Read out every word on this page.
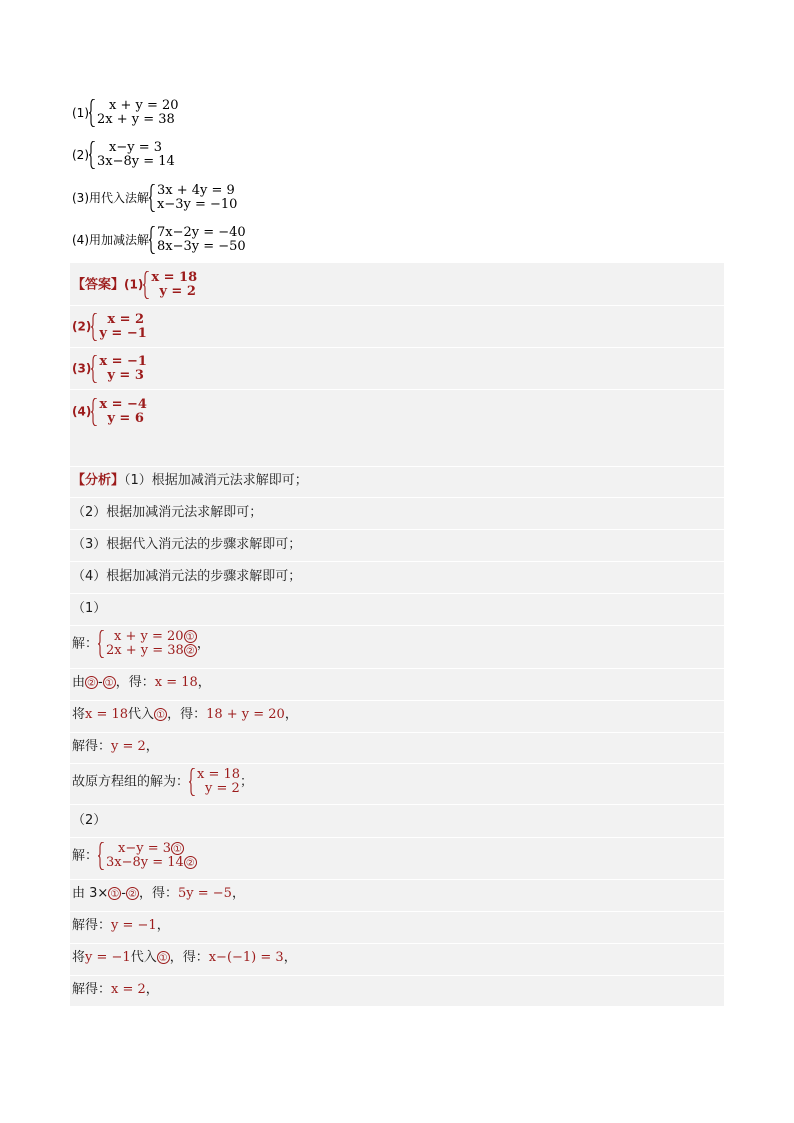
(1)	x + y = 20
2x + y = 38
(2)	x−y = 3
3x−8y = 14
(3)用代入法解 3x + 4y = 9
x−3y = −10
(4)用加减法解 7x−2y = −40
8x−3y = −50
【答案】(1) x = 18
y = 2
(2)	x = 2
y = −1
(3) x = −1
y = 3
(4) x = −4
y = 6
【分析】（1）根据加减消元法求解即可；
（2）根据加减消元法求解即可；
（3）根据代入消元法的步骤求解即可；
（4）根据加减消元法的步骤求解即可；
（1）
解：	x + y = 20 ①
2x + y = 38 ② ，
由 ② - ① ，得：x = 18，
将x = 18代入 ① ，得：18 + y = 20，
解得：y = 2，
故原方程组的解为： x = 18
y = 2 ；
（2）
解：	x−y = 3 ①
3x−8y = 14 ②
由 3× ① - ② ，得：5y = −5，
解得：y = −1，
将y = −1代入 ① ，得：x−(−1) = 3，
解得：x = 2，
